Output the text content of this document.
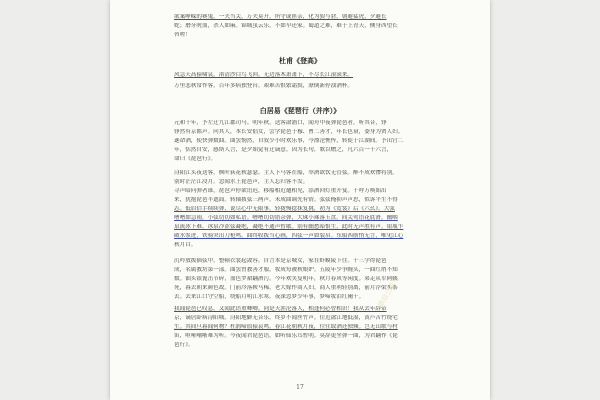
欲案峥嵘的赛鬼，一夫当关，万夫莫开，所守或匪亲，化为狼与豺。朝避猛虎，夕避长
蛇；磨牙吮血，杀人如麻。锦城虽云乐，不如早还家。蜀道之难，难于上青天，侧身西望长
咨嗟！
杜甫《登高》
风急天高猿啸哀，渚清沙白鸟飞回。无边落木萧萧下，不尽长江滚滚来。
万里悲秋常作客，百年多病独登台。艰难苦恨繁霜鬓，潦倒新停浊酒杯。
白居易《琵琶行（并序）》
元和十年，予左迁九江郡司马。明年秋，送客湓浦口，闻舟中夜弹琵琶者，听其音，铮
铮然有京都声。问其人，本长安倡女，尝学琵琶于穆、曹二善才，年长色衰，委身为贾人妇。
遂命酒，使快弹数曲。曲罢悯然，自叙少小时欢乐事，今漂沦憔悴，转徙于江湖间。予出官二
年，恬然自安，感斯人言，是夕始觉有迁谪意。因为长句，歌以赠之，凡六百一十六言，
命曰《琵琶行》。
浔阳江头夜送客，枫叶荻花秋瑟瑟。主人下马客在船，举酒欲饮无管弦。醉不成欢惨将别，
别时茫茫江浸月。忽闻水上琵琶声，主人忘归客不发。
寻声暗问弹者谁，琵琶声停欲语迟。移船相近邀相见，添酒回灯重开宴。千呼万唤始出
来，犹抱琵琶半遮面。转轴拨弦三两声，未成曲调先有情。弦弦掩抑声声思，似诉平生不得
志。低眉信手续续弹，说尽心中无限事。轻拢慢捻抹复挑，初为《霓裳》后《六幺》。大弦
嘈嘈如急雨，小弦切切如私语。嘈嘈切切错杂弹，大珠小珠落玉盘。间关莺语花底滑，幽咽
泉流冰下难。冰泉冷涩弦凝绝，凝绝不通声暂歇。别有幽愁暗恨生，此时无声胜有声。银瓶乍
破水浆迸，铁骑突出刀枪鸣。曲终收拨当心画，四弦一声如裂帛。东船西舫悄无言，唯见江心
秋月白。
沉吟放拨插弦中，整顿衣裳起敛容。自言本是京城女，家在虾蟆陵下住。十三学得琵琶
成，名属教坊第一部。曲罢曾教善才服，妆成每被秋娘妒。五陵年少争缠头，一曲红绡不知
数。钿头银篦击节碎，血色罗裙翻酒污。今年欢笑复明年，秋月春风等闲度。弟走从军阿姨
死，暮去朝来颜色故。门前冷落鞍马稀，老大嫁作商人妇。商人重利轻别离，前月浮梁买茶
去。去来江口守空船，绕船月明江水寒。夜深忽梦少年事，梦啼妆泪红阑干。
我闻琵琶已叹息，又闻此语重唧唧。同是天涯沦落人，相逢何必曾相识！我从去年辞帝
京，谪居卧病浔阳城。浔阳地僻无音乐，终岁不闻丝竹声。住近湓江地低湿，黄芦苦竹绕宅
生。其间旦暮闻何物？杜鹃啼血猿哀鸣。春江花朝秋月夜，往往取酒还独倾。岂无山歌与村
笛，呕哑嘲哳难为听。今夜闻君琵琶语，如听仙乐耳暂明。莫辞更坐弹一曲，为君翻作《琵
琶行》。
微信公众号
17
